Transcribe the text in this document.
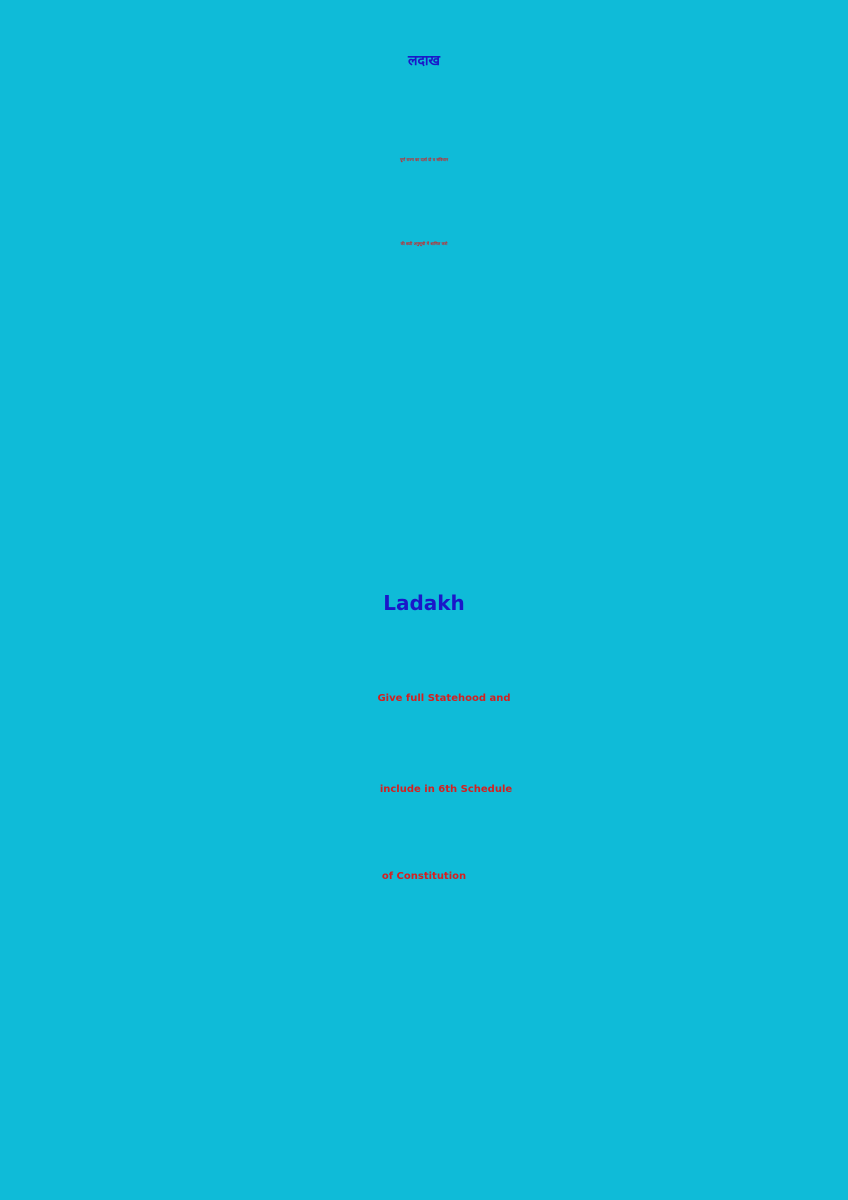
लदाख
पूर्ण राज्य का दर्ज़ा दो व संविधान
की छठी अनुसूची में शामिल करो
Ladakh
Give full Statehood and
include in 6th Schedule
of Constitution
